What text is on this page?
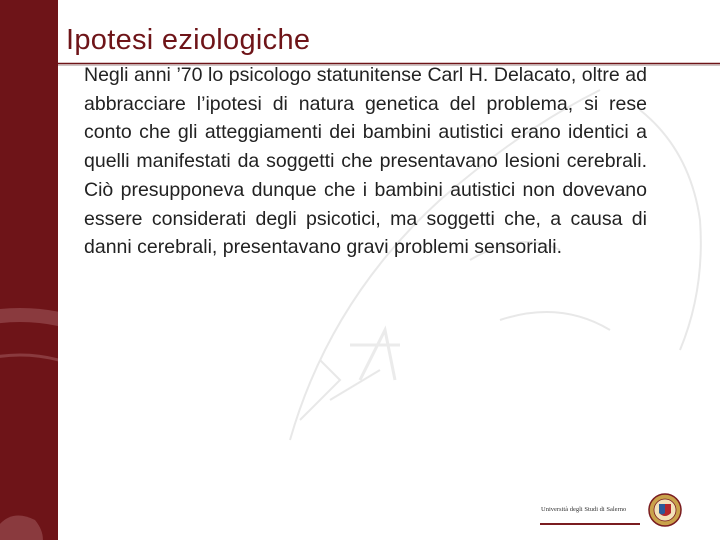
Ipotesi eziologiche

Negli anni ’70 lo psicologo statunitense Carl H. Delacato, oltre ad abbracciare l’ipotesi di natura genetica del problema, si rese conto che gli atteggiamenti dei bambini autistici erano identici a quelli manifestati da soggetti che presentavano lesioni cerebrali. Ciò presupponeva dunque che i bambini autistici non dovevano essere considerati degli psicotici, ma soggetti che, a causa di danni cerebrali, presentavano gravi problemi sensoriali.

Università degli Studi di Salerno
